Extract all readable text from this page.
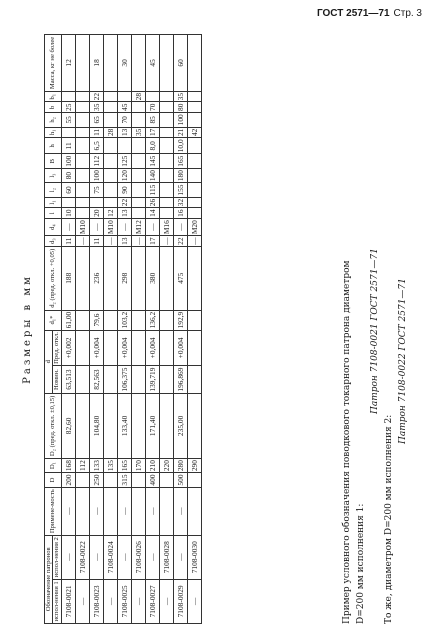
ГОСТ 2571—71 Стр. 3
Размеры в мм
Обозначение патронов		Примене-мость	D	D₁	D₂ (пред. откл. ±0,15)	d		d₁*	d₂ (пред. откл. +0,05)	d₃	d₄	l	l₁	l₂	l₃	B	h	h₁	h₂	b	b₁	Масса, кг не более
испол-нения 1	испол-нения 2					Номин.	Пред. откл.															
7108-0021	—	—	200	168	82,60	63,513	+0,002	61,00	188	11	—	10		60	80	100	11		55	25		12
—	7108-0022			112						—	M10											
7108-0023	—	—	250	133	104,80	82,563	+0,004	79,6	236	11	—	20		75	100	112	6,5	11	65	35	22	18
—	7108-0024			135						—	M10	12						28				
7108-0025	—	—	315	165	133,40	106,375	+0,004	103,2	298	13	—	13	22	90	120	125		13	70	45		30
—	7108-0026			170						—	M12							35			28	
7108-0027	—	—	400	210	171,40	139,719	+0,004	136,2	380	17	—	14	26	115	140	145	8,0	17	85	70		45
—	7108-0028			220						—	M16											
7108-0029	—	—	500	280	235,00	196,869	+0,004	192,9	475	22	—	16	32	155	180	165	10,0	21	100	80	35	60
—	7108-0030			290						—	M20							42				
Пример условного обозначения поводкового токарного патрона диаметром D=200 мм исполнения 1:
Патрон 7108-0021 ГОСТ 2571—71
То же, диаметром D=200 мм исполнения 2:
Патрон 7108-0022 ГОСТ 2571—71
